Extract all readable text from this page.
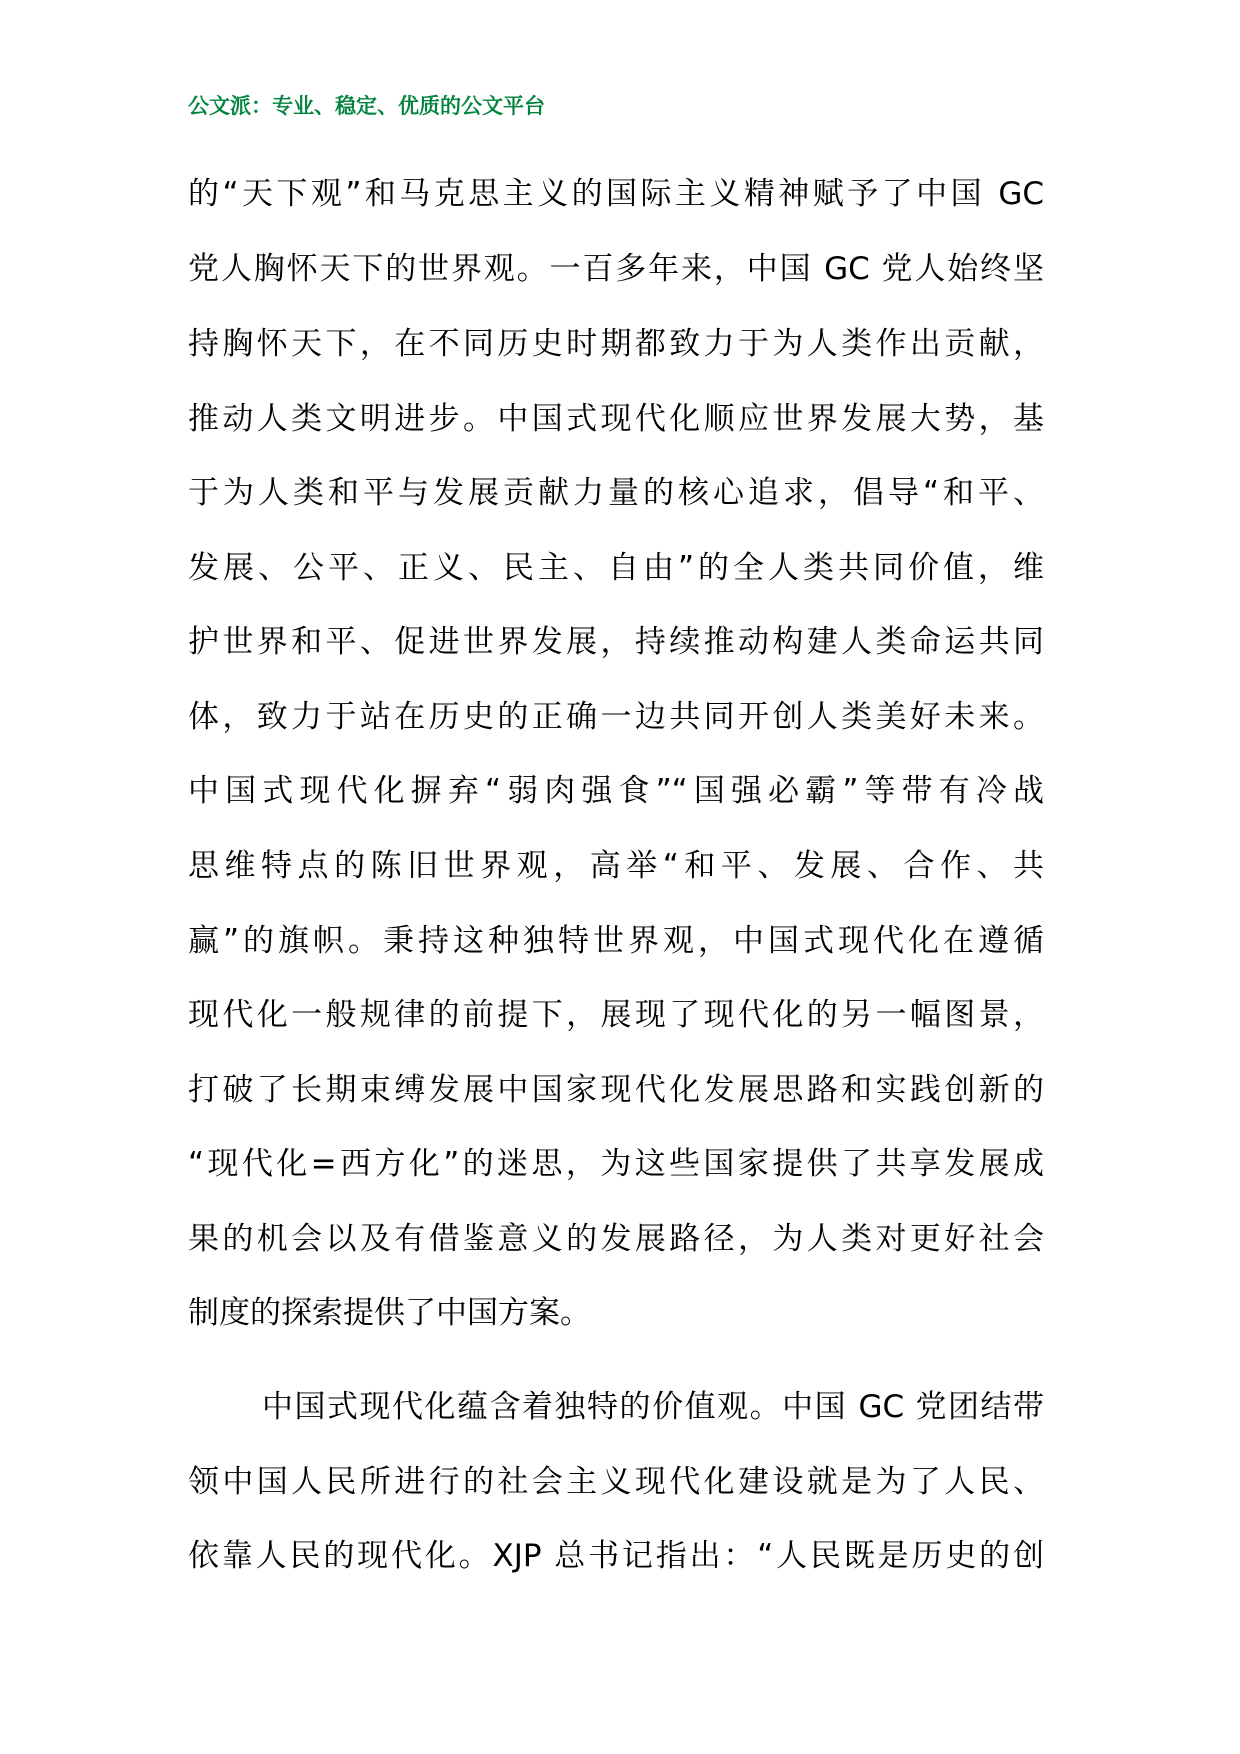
公文派：专业、稳定、优质的公文平台
的“天下观”和马克思主义的国际主义精神赋予了中国 GC
党人胸怀天下的世界观。一百多年来，中国 GC 党人始终坚
持胸怀天下，在不同历史时期都致力于为人类作出贡献，
推动人类文明进步。中国式现代化顺应世界发展大势，基
于为人类和平与发展贡献力量的核心追求，倡导“和平、
发展、公平、正义、民主、自由”的全人类共同价值，维
护世界和平、促进世界发展，持续推动构建人类命运共同
体，致力于站在历史的正确一边共同开创人类美好未来。
中国式现代化摒弃“弱肉强食”“国强必霸”等带有冷战
思维特点的陈旧世界观，高举“和平、发展、合作、共
赢”的旗帜。秉持这种独特世界观，中国式现代化在遵循
现代化一般规律的前提下，展现了现代化的另一幅图景，
打破了长期束缚发展中国家现代化发展思路和实践创新的
“现代化=西方化”的迷思，为这些国家提供了共享发展成
果的机会以及有借鉴意义的发展路径，为人类对更好社会
制度的探索提供了中国方案。
中国式现代化蕴含着独特的价值观。中国 GC 党团结带
领中国人民所进行的社会主义现代化建设就是为了人民、
依靠人民的现代化。XJP 总书记指出：“人民既是历史的创
